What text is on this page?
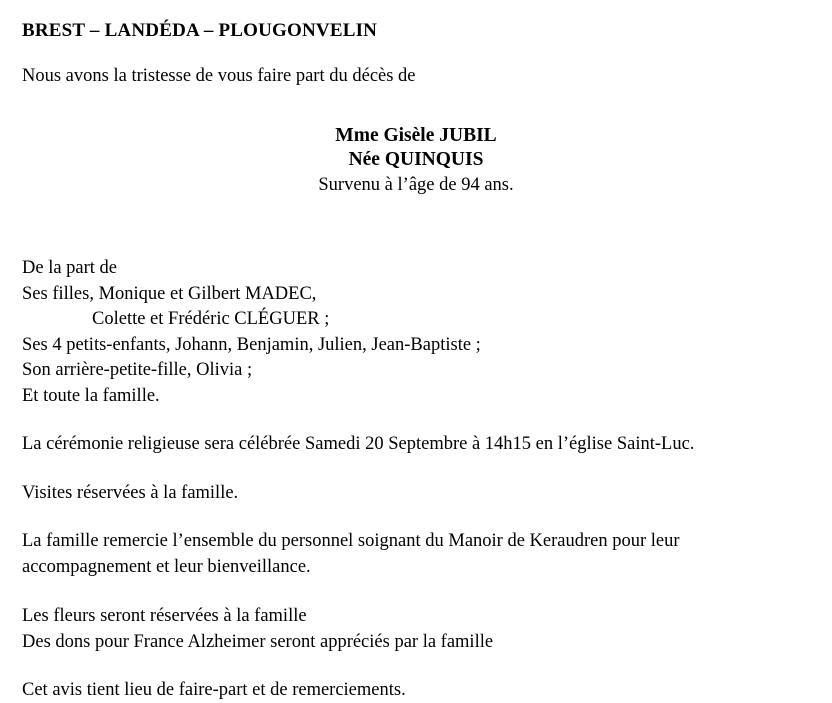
BREST – LANDÉDA – PLOUGONVELIN
Nous avons la tristesse de vous faire part du décès de
Mme Gisèle JUBIL
Née QUINQUIS
Survenu à l’âge de 94 ans.
De la part de
Ses filles, Monique et Gilbert MADEC,
Colette et Frédéric CLÉGUER ;
Ses 4 petits-enfants, Johann, Benjamin, Julien, Jean-Baptiste ;
Son arrière-petite-fille, Olivia ;
Et toute la famille.
La cérémonie religieuse sera célébrée Samedi 20 Septembre à 14h15 en l’église Saint-Luc.
Visites réservées à la famille.
La famille remercie l’ensemble du personnel soignant du Manoir de Keraudren pour leur
accompagnement et leur bienveillance.
Les fleurs seront réservées à la famille
Des dons pour France Alzheimer seront appréciés par la famille
Cet avis tient lieu de faire-part et de remerciements.
